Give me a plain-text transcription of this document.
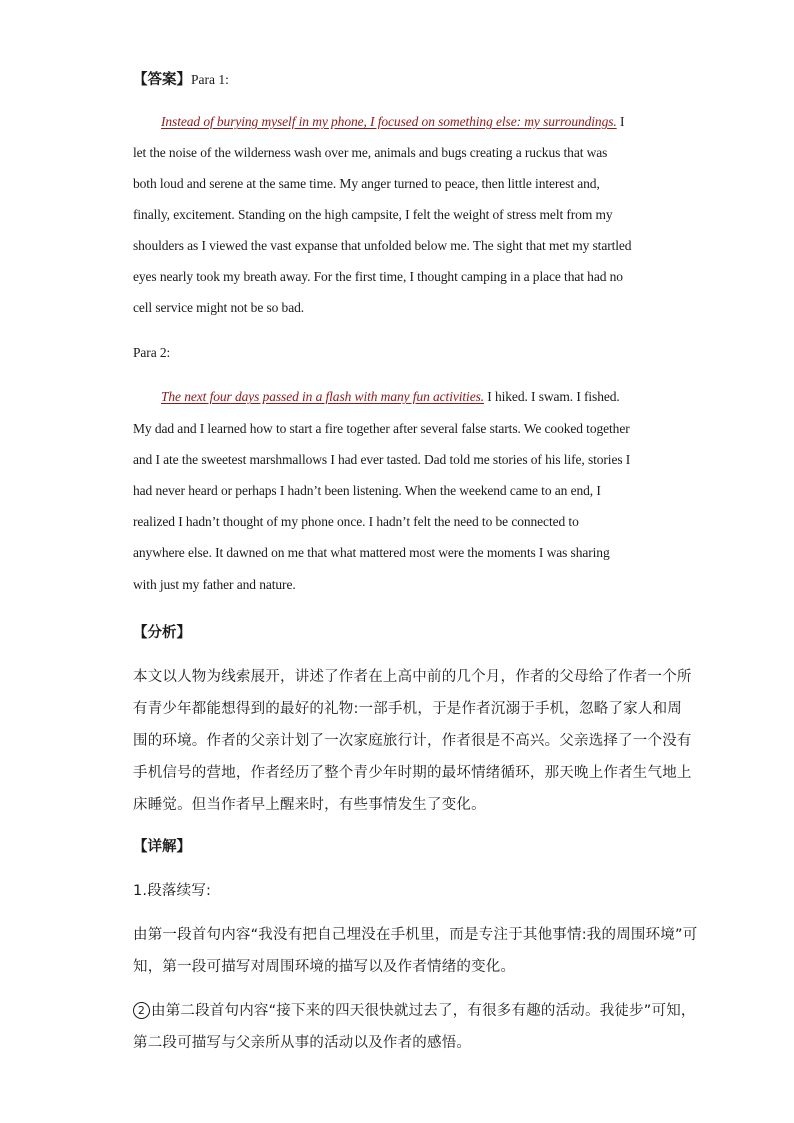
【答案】Para 1:
Instead of burying myself in my phone, I focused on something else: my surroundings. I
let the noise of the wilderness wash over me, animals and bugs creating a ruckus that was
both loud and serene at the same time. My anger turned to peace, then little interest and,
finally, excitement. Standing on the high campsite, I felt the weight of stress melt from my
shoulders as I viewed the vast expanse that unfolded below me. The sight that met my startled
eyes nearly took my breath away. For the first time, I thought camping in a place that had no
cell service might not be so bad.
Para 2:
The next four days passed in a flash with many fun activities. I hiked. I swam. I fished.
My dad and I learned how to start a fire together after several false starts. We cooked together
and I ate the sweetest marshmallows I had ever tasted. Dad told me stories of his life, stories I
had never heard or perhaps I hadn’t been listening. When the weekend came to an end, I
realized I hadn’t thought of my phone once. I hadn’t felt the need to be connected to
anywhere else. It dawned on me that what mattered most were the moments I was sharing
with just my father and nature.
【分析】
本文以人物为线索展开，讲述了作者在上高中前的几个月，作者的父母给了作者一个所
有青少年都能想得到的最好的礼物:一部手机，于是作者沉溺于手机，忽略了家人和周
围的环境。作者的父亲计划了一次家庭旅行计，作者很是不高兴。父亲选择了一个没有
手机信号的营地，作者经历了整个青少年时期的最坏情绪循环，那天晚上作者生气地上
床睡觉。但当作者早上醒来时，有些事情发生了变化。
【详解】
1.段落续写:
由第一段首句内容“我没有把自己埋没在手机里，而是专注于其他事情:我的周围环境”可
知，第一段可描写对周围环境的描写以及作者情绪的变化。
2 由第二段首句内容“接下来的四天很快就过去了，有很多有趣的活动。我徒步”可知，
第二段可描写与父亲所从事的活动以及作者的感悟。
